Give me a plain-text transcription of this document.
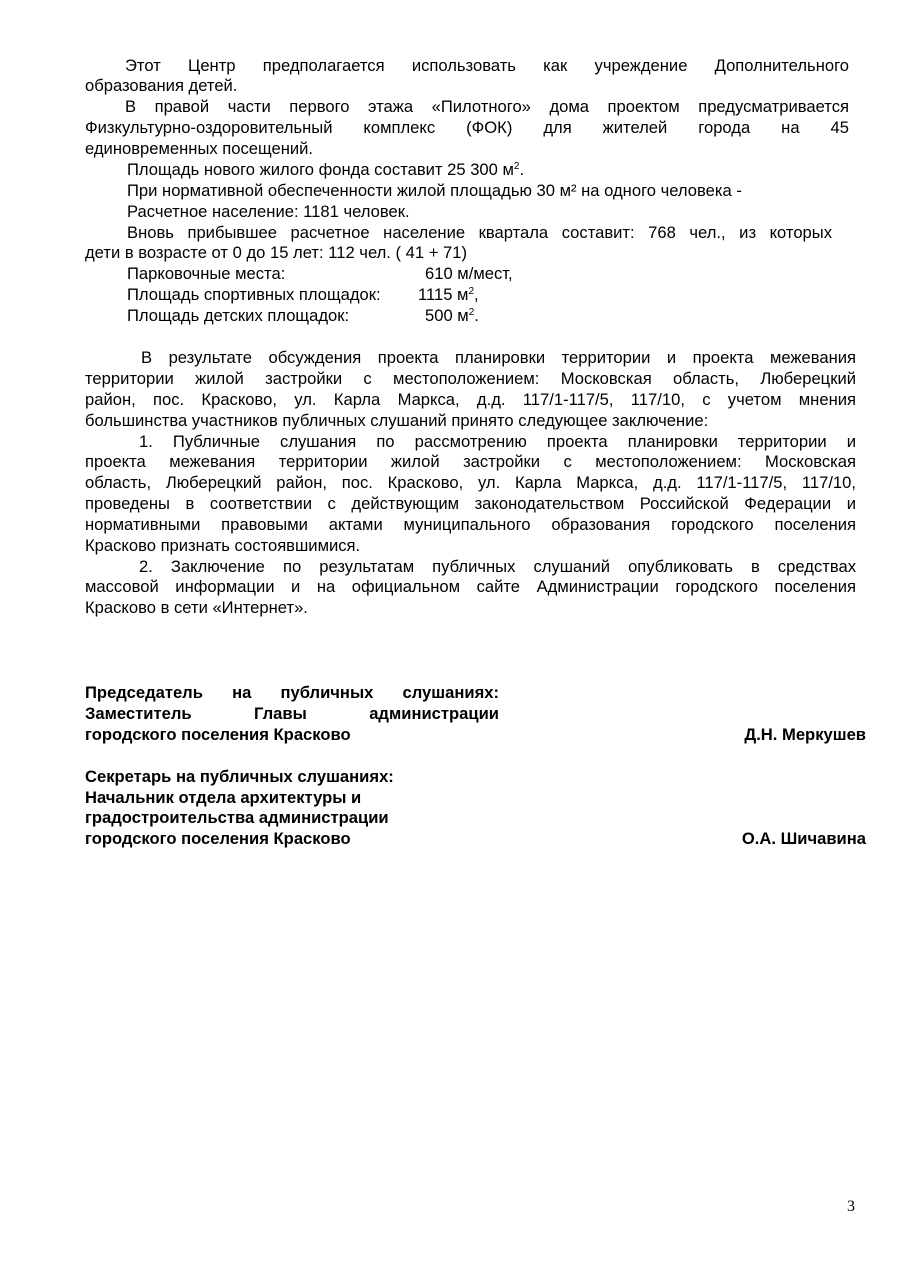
Этот Центр предполагается использовать как учреждение Дополнительного
образования детей.
В правой части первого этажа «Пилотного» дома проектом предусматривается
Физкультурно-оздоровительный комплекс (ФОК) для жителей города на 45
единовременных посещений.
Площадь нового жилого фонда составит 25 300 $м^2$.
При нормативной обеспеченности жилой площадью 30 м² на одного человека -
Расчетное население: 1181 человек.
Вновь прибывшее расчетное население квартала составит: 768 чел., из которых
дети в возрасте от 0 до 15 лет: 112 чел. ( 41 + 71)
Парковочные места:	610 м/мест,
Площадь спортивных площадок: 1115 $м^2$,
Площадь детских площадок:	500 $м^2$.
В результате обсуждения проекта планировки территории и проекта межевания
территории жилой застройки с местоположением: Московская область, Люберецкий
район, пос. Красково, ул. Карла Маркса, д.д. 117/1-117/5, 117/10, с учетом мнения
большинства участников публичных слушаний принято следующее заключение:
1. Публичные слушания по рассмотрению проекта планировки территории и
проекта межевания территории жилой застройки с местоположением: Московская
область, Люберецкий район, пос. Красково, ул. Карла Маркса, д.д. 117/1-117/5, 117/10,
проведены в соответствии с действующим законодательством Российской Федерации и
нормативными правовыми актами муниципального образования городского поселения
Красково признать состоявшимися.
2. Заключение по результатам публичных слушаний опубликовать в средствах
массовой информации и на официальном сайте Администрации городского поселения
Красково в сети «Интернет».
Председатель на публичных слушаниях:
Заместитель Главы администрации
городского поселения Красково	Д.Н. Меркушев
Секретарь на публичных слушаниях:
Начальник отдела архитектуры и
градостроительства администрации
городского поселения Красково	О.А. Шичавина
3
